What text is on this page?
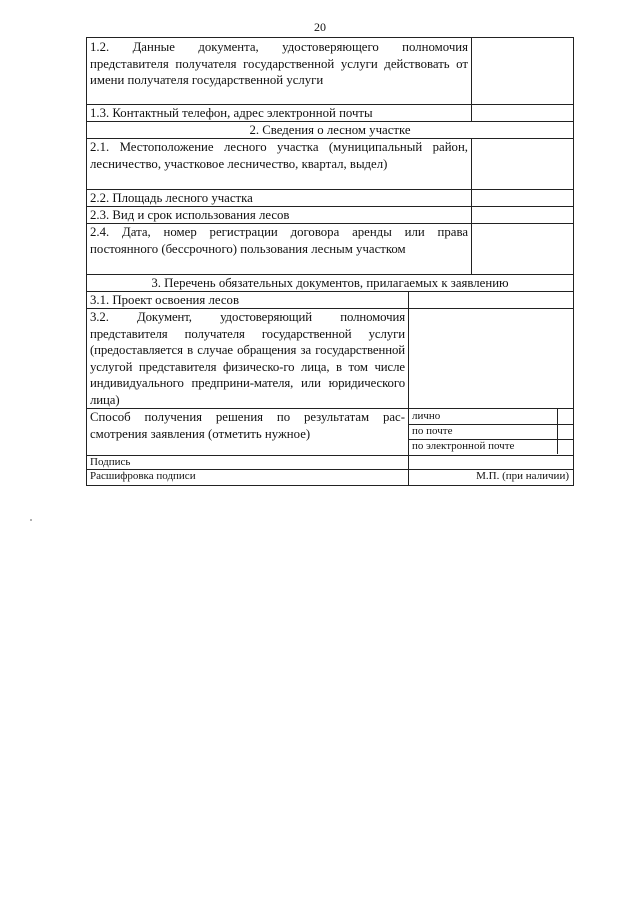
20
1.2. Данные документа, удостоверяющего полномочия представителя получателя государственной услуги действовать от имени получателя государственной услуги
1.3. Контактный телефон, адрес электронной почты
2. Сведения о лесном участке
2.1. Местоположение лесного участка (муниципальный район, лесничество, участковое лесничество, квартал, выдел)
2.2. Площадь лесного участка
2.3. Вид и срок использования лесов
2.4. Дата, номер регистрации договора аренды или права постоянного (бессрочного) пользования лесным участком
3. Перечень обязательных документов, прилагаемых к заявлению
3.1. Проект освоения лесов
3.2. Документ, удостоверяющий полномочия представителя получателя государственной услуги (предоставляется в случае обращения за государственной услугой представителя физическо-го лица, в том числе индивидуального предприни-мателя, или юридического лица)
Способ получения решения по результатам рас-смотрения заявления (отметить нужное)
лично
по почте
по электронной почте
Подпись
Расшифровка подписи	М.П. (при наличии)
